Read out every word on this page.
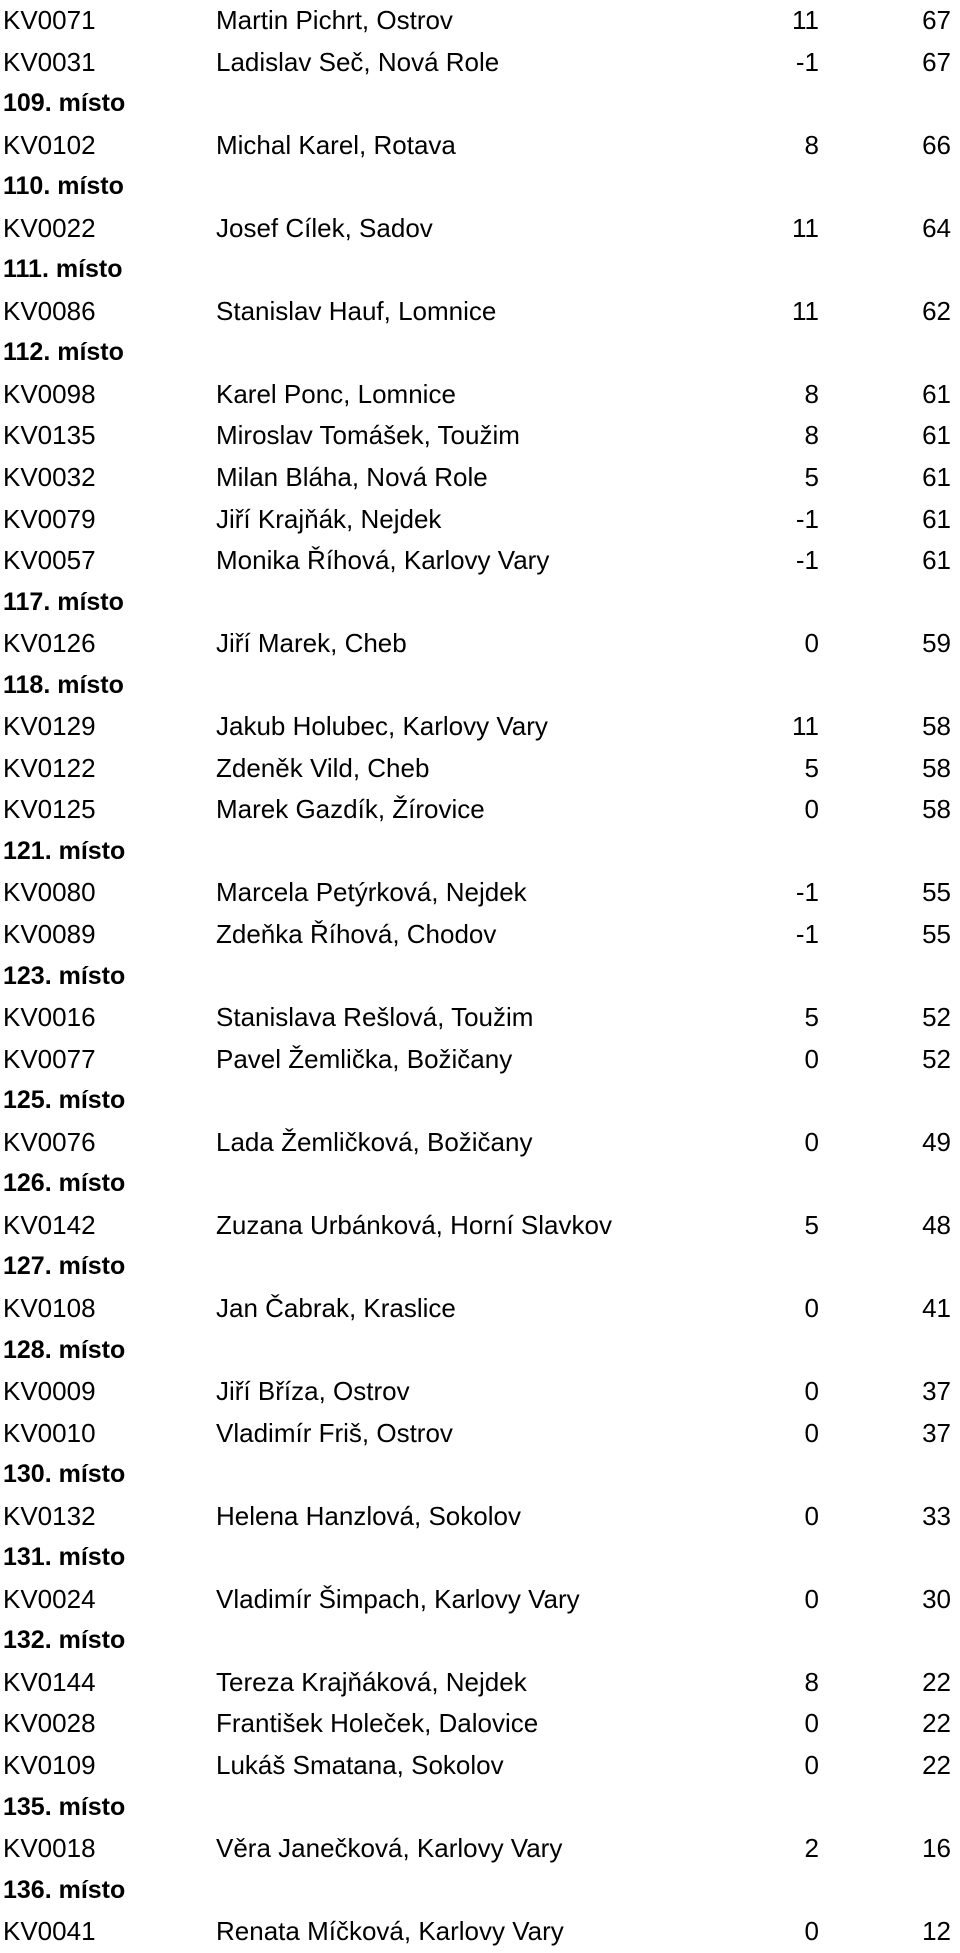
KV0071	Martin Pichrt, Ostrov	11	67
KV0031	Ladislav Seč, Nová Role	-1	67
109. místo
KV0102	Michal Karel, Rotava	8	66
110. místo
KV0022	Josef Cílek, Sadov	11	64
111. místo
KV0086	Stanislav Hauf, Lomnice	11	62
112. místo
KV0098	Karel Ponc, Lomnice	8	61
KV0135	Miroslav Tomášek, Toužim	8	61
KV0032	Milan Bláha, Nová Role	5	61
KV0079	Jiří Krajňák, Nejdek	-1	61
KV0057	Monika Říhová, Karlovy Vary	-1	61
117. místo
KV0126	Jiří Marek, Cheb	0	59
118. místo
KV0129	Jakub Holubec, Karlovy Vary	11	58
KV0122	Zdeněk Vild, Cheb	5	58
KV0125	Marek Gazdík, Žírovice	0	58
121. místo
KV0080	Marcela Petýrková, Nejdek	-1	55
KV0089	Zdeňka Říhová, Chodov	-1	55
123. místo
KV0016	Stanislava Rešlová, Toužim	5	52
KV0077	Pavel Žemlička, Božičany	0	52
125. místo
KV0076	Lada Žemličková, Božičany	0	49
126. místo
KV0142	Zuzana Urbánková, Horní Slavkov	5	48
127. místo
KV0108	Jan Čabrak, Kraslice	0	41
128. místo
KV0009	Jiří Bříza, Ostrov	0	37
KV0010	Vladimír Friš, Ostrov	0	37
130. místo
KV0132	Helena Hanzlová, Sokolov	0	33
131. místo
KV0024	Vladimír Šimpach, Karlovy Vary	0	30
132. místo
KV0144	Tereza Krajňáková, Nejdek	8	22
KV0028	František Holeček, Dalovice	0	22
KV0109	Lukáš Smatana, Sokolov	0	22
135. místo
KV0018	Věra Janečková, Karlovy Vary	2	16
136. místo
KV0041	Renata Míčková, Karlovy Vary	0	12
